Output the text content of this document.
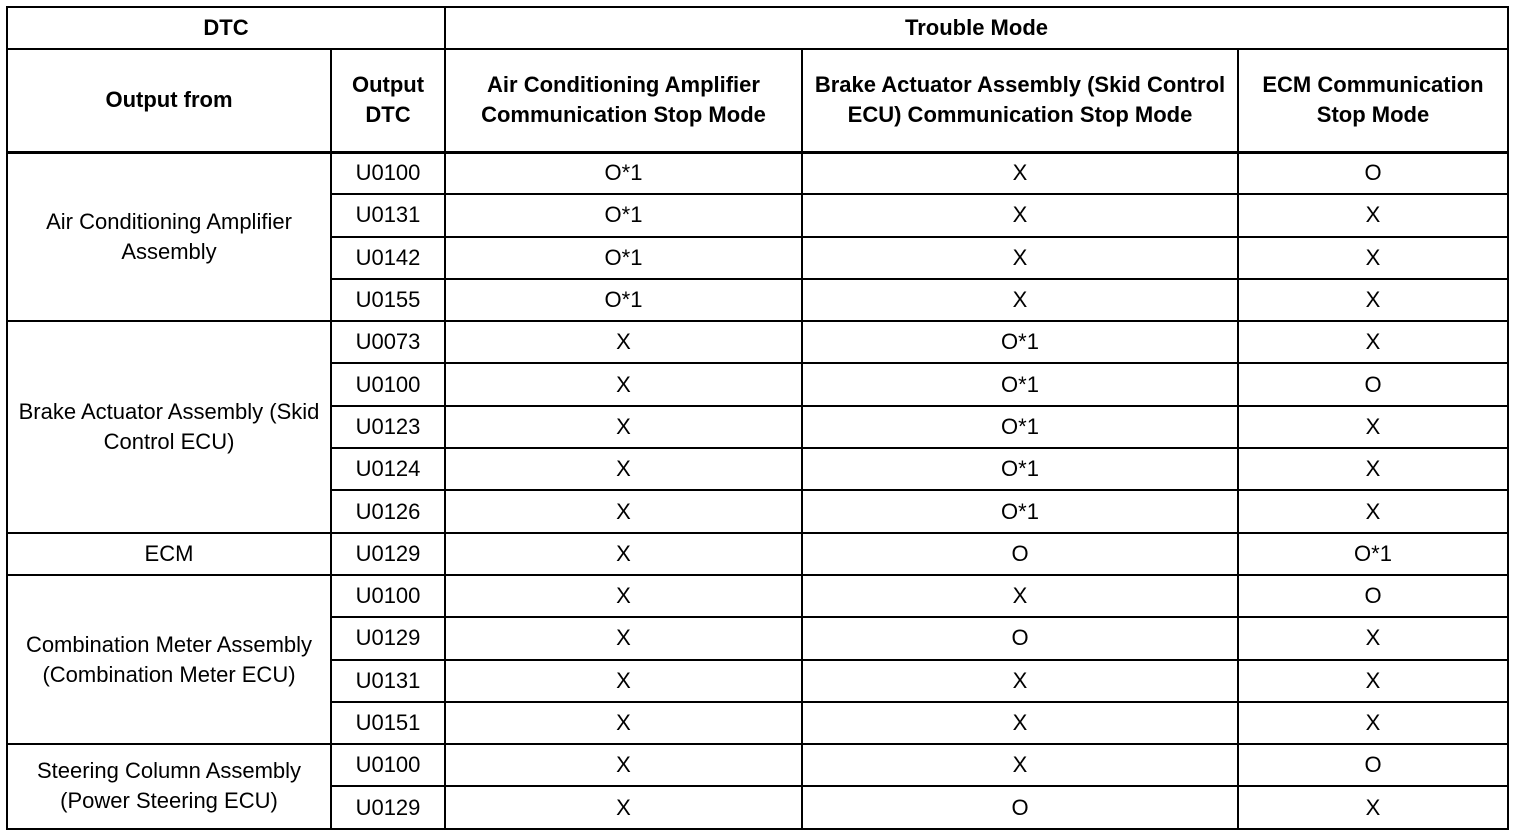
DTC		Trouble Mode		
Output from	Output DTC	Air Conditioning Amplifier Communication Stop Mode	Brake Actuator Assembly (Skid Control ECU) Communication Stop Mode	ECM Communication Stop Mode
Air Conditioning Amplifier Assembly	U0100	O*1	X	O
	U0131	O*1	X	X
	U0142	O*1	X	X
	U0155	O*1	X	X
Brake Actuator Assembly (Skid Control ECU)	U0073	X	O*1	X
	U0100	X	O*1	O
	U0123	X	O*1	X
	U0124	X	O*1	X
	U0126	X	O*1	X
ECM	U0129	X	O	O*1
Combination Meter Assembly (Combination Meter ECU)	U0100	X	X	O
	U0129	X	O	X
	U0131	X	X	X
	U0151	X	X	X
Steering Column Assembly (Power Steering ECU)	U0100	X	X	O
	U0129	X	O	X
